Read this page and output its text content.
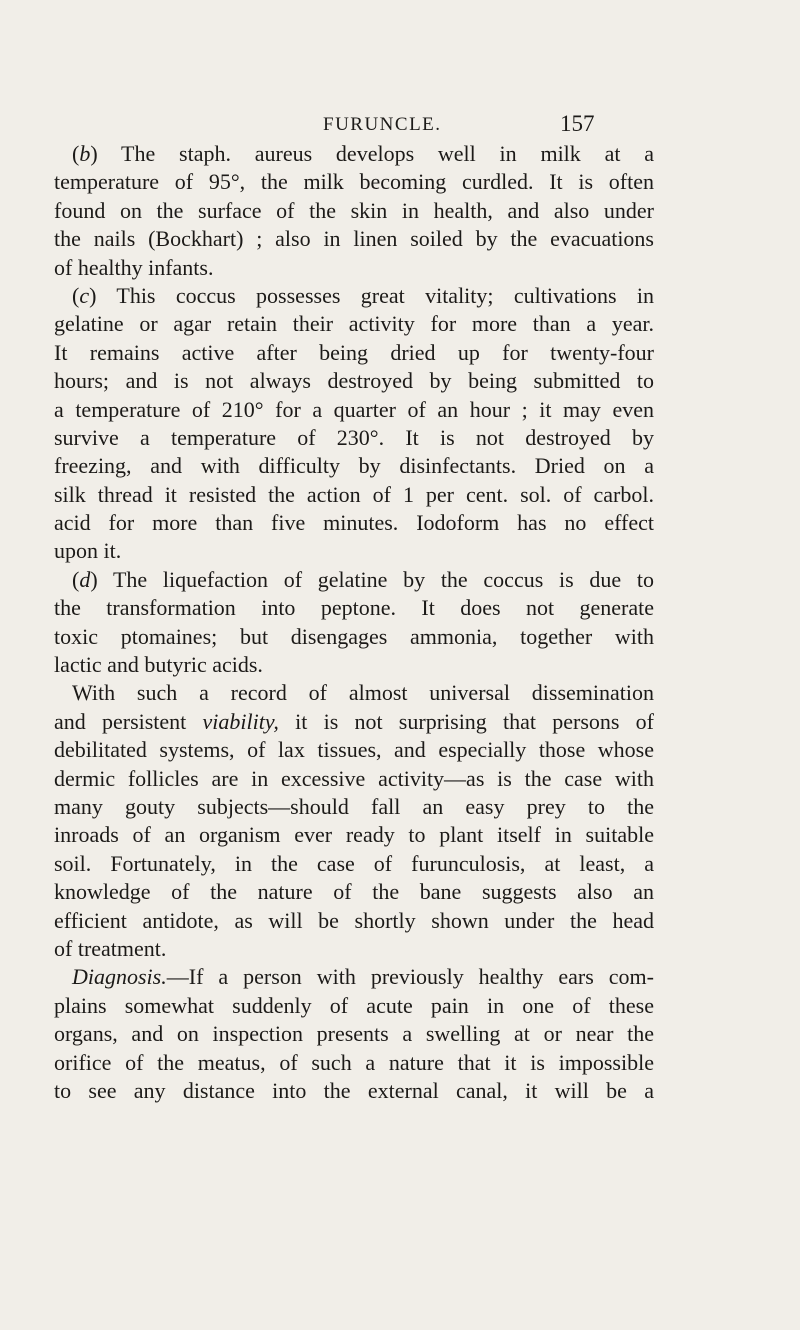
FURUNCLE.	157
(b) The staph. aureus develops well in milk at a
temperature of 95°, the milk becoming curdled. It is often
found on the surface of the skin in health, and also under
the nails (Bockhart) ; also in linen soiled by the evacuations
of healthy infants.
(c) This coccus possesses great vitality; cultivations in
gelatine or agar retain their activity for more than a year.
It remains active after being dried up for twenty-four
hours; and is not always destroyed by being submitted to
a temperature of 210° for a quarter of an hour ; it may even
survive a temperature of 230°. It is not destroyed by
freezing, and with difficulty by disinfectants. Dried on a
silk thread it resisted the action of 1 per cent. sol. of carbol.
acid for more than five minutes. Iodoform has no effect
upon it.
(d) The liquefaction of gelatine by the coccus is due to
the transformation into peptone. It does not generate
toxic ptomaines; but disengages ammonia, together with
lactic and butyric acids.
With such a record of almost universal dissemination
and persistent viability, it is not surprising that persons of
debilitated systems, of lax tissues, and especially those whose
dermic follicles are in excessive activity—as is the case with
many gouty subjects—should fall an easy prey to the
inroads of an organism ever ready to plant itself in suitable
soil. Fortunately, in the case of furunculosis, at least, a
knowledge of the nature of the bane suggests also an
efficient antidote, as will be shortly shown under the head
of treatment.
Diagnosis.—If a person with previously healthy ears com-
plains somewhat suddenly of acute pain in one of these
organs, and on inspection presents a swelling at or near the
orifice of the meatus, of such a nature that it is impossible
to see any distance into the external canal, it will be a
